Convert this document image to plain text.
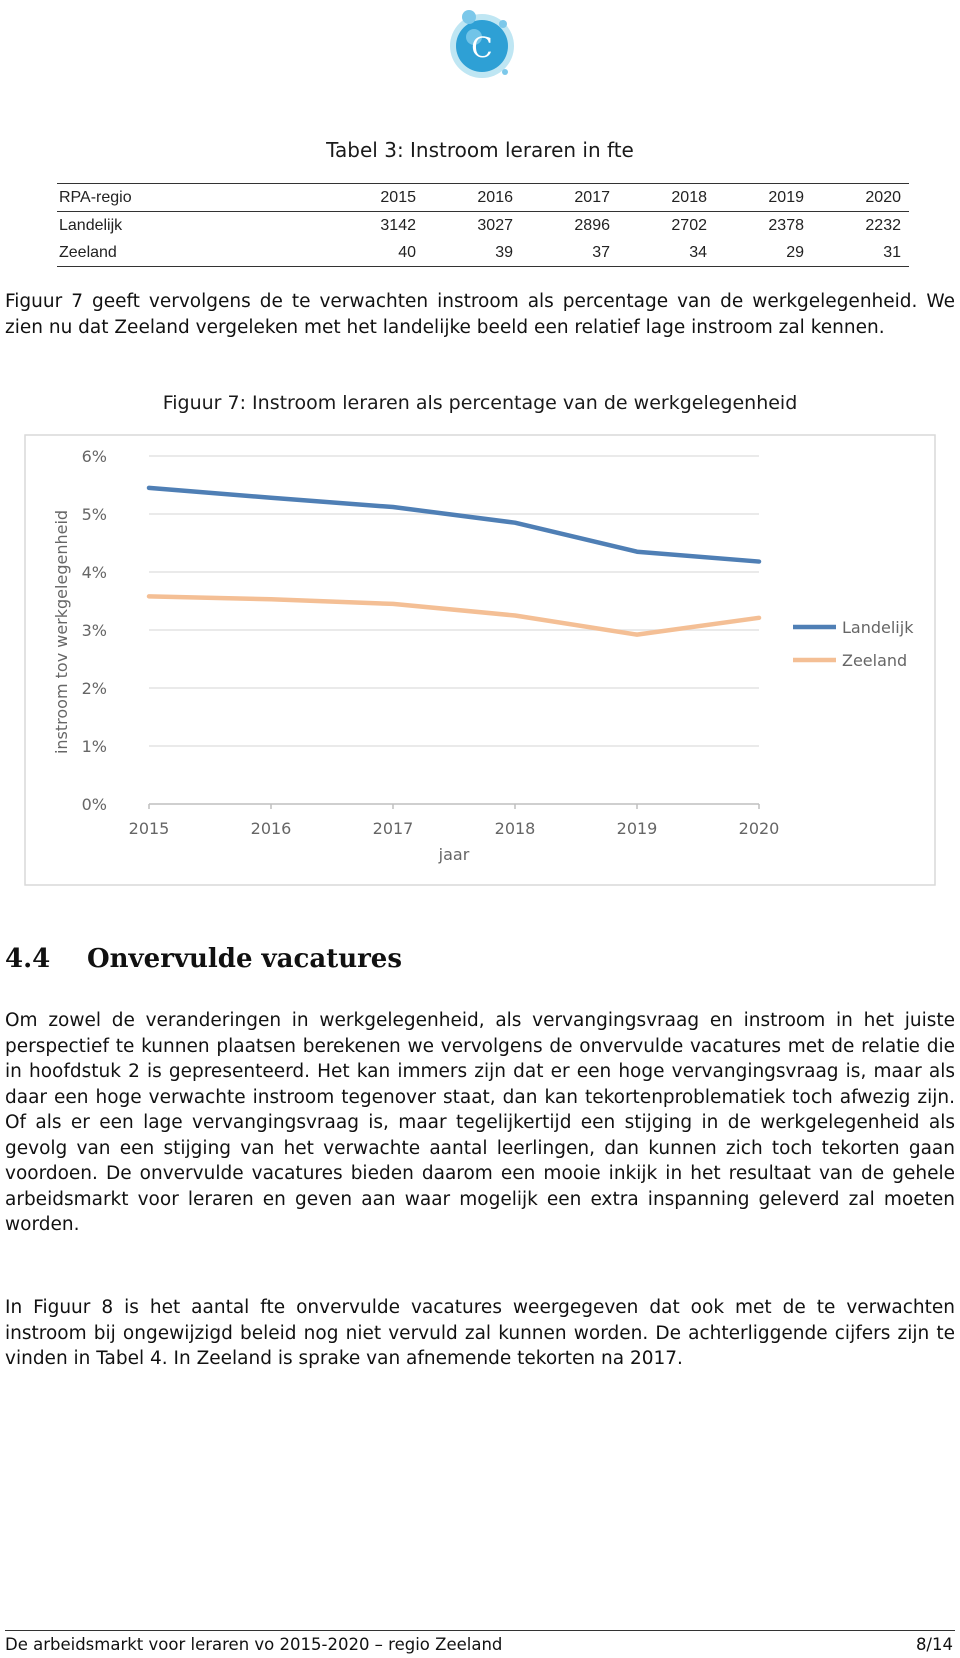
C
Tabel 3: Instroom leraren in fte
RPA-regio	2015	2016	2017	2018	2019	2020
Landelijk	3142	3027	2896	2702	2378	2232
Zeeland	40	39	37	34	29	31
Figuur 7 geeft vervolgens de te verwachten instroom als percentage van de werkgelegenheid. We zien nu dat Zeeland vergeleken met het landelijke beeld een relatief lage instroom zal kennen.
Figuur 7: Instroom leraren als percentage van de werkgelegenheid
0%
1%
2%
3%
4%
5%
6%
2015	2016	2017	2018	2019	2020
jaar
instroom tov werkgelegenheid	Landelijk
Zeeland
4.4 Onvervulde vacatures
Om zowel de veranderingen in werkgelegenheid, als vervangingsvraag en instroom in het juiste perspectief te kunnen plaatsen berekenen we vervolgens de onvervulde vacatures met de relatie die in hoofdstuk 2 is gepresenteerd. Het kan immers zijn dat er een hoge vervangingsvraag is, maar als daar een hoge verwachte instroom tegenover staat, dan kan tekortenproblematiek toch afwezig zijn. Of als er een lage vervangingsvraag is, maar tegelijkertijd een stijging in de werkgelegenheid als gevolg van een stijging van het verwachte aantal leerlingen, dan kunnen zich toch tekorten gaan voordoen. De onvervulde vacatures bieden daarom een mooie inkijk in het resultaat van de gehele arbeidsmarkt voor leraren en geven aan waar mogelijk een extra inspanning geleverd zal moeten worden.
In Figuur 8 is het aantal fte onvervulde vacatures weergegeven dat ook met de te verwachten instroom bij ongewijzigd beleid nog niet vervuld zal kunnen worden. De achterliggende cijfers zijn te vinden in Tabel 4. In Zeeland is sprake van afnemende tekorten na 2017.
De arbeidsmarkt voor leraren vo 2015-2020 – regio Zeeland	8/14
